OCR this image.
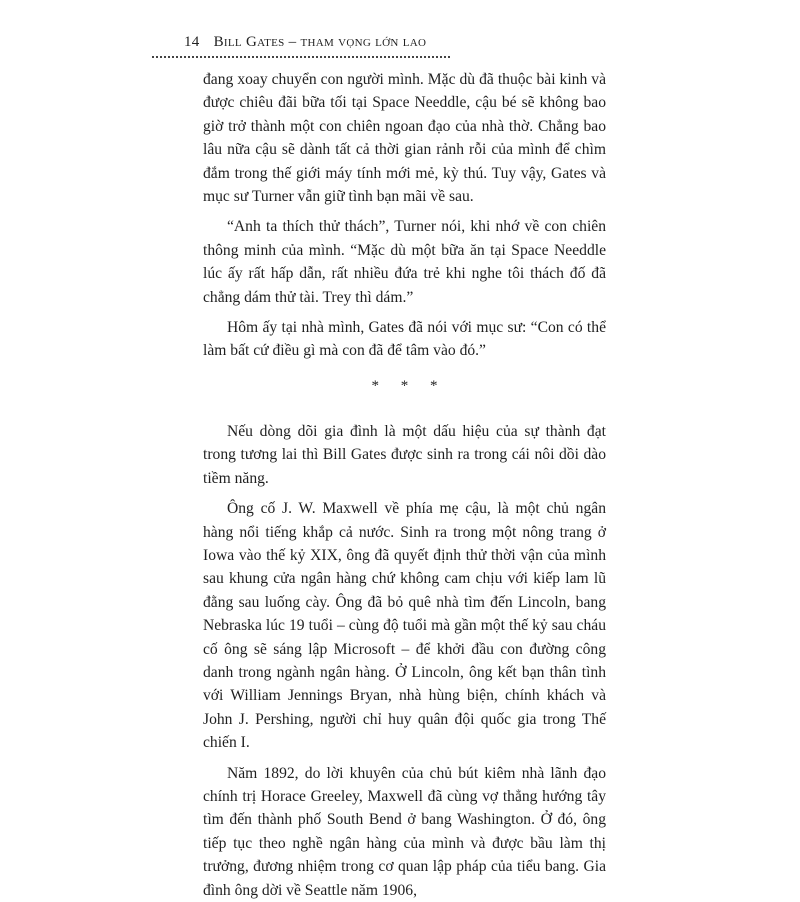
14 Bill Gates – tham vọng lớn lao

đang xoay chuyển con người mình. Mặc dù đã thuộc bài kinh và được chiêu đãi bữa tối tại Space Needdle, cậu bé sẽ không bao giờ trở thành một con chiên ngoan đạo của nhà thờ. Chẳng bao lâu nữa cậu sẽ dành tất cả thời gian rảnh rỗi của mình để chìm đắm trong thế giới máy tính mới mẻ, kỳ thú. Tuy vậy, Gates và mục sư Turner vẫn giữ tình bạn mãi về sau.

“Anh ta thích thử thách”, Turner nói, khi nhớ về con chiên thông minh của mình. “Mặc dù một bữa ăn tại Space Needdle lúc ấy rất hấp dẫn, rất nhiều đứa trẻ khi nghe tôi thách đố đã chẳng dám thử tài. Trey thì dám.”

Hôm ấy tại nhà mình, Gates đã nói với mục sư: “Con có thể làm bất cứ điều gì mà con đã để tâm vào đó.”

* * *

Nếu dòng dõi gia đình là một dấu hiệu của sự thành đạt trong tương lai thì Bill Gates được sinh ra trong cái nôi dồi dào tiềm năng.

Ông cố J. W. Maxwell về phía mẹ cậu, là một chủ ngân hàng nổi tiếng khắp cả nước. Sinh ra trong một nông trang ở Iowa vào thế kỷ XIX, ông đã quyết định thử thời vận của mình sau khung cửa ngân hàng chứ không cam chịu với kiếp lam lũ đằng sau luống cày. Ông đã bỏ quê nhà tìm đến Lincoln, bang Nebraska lúc 19 tuổi – cùng độ tuổi mà gần một thế kỷ sau cháu cố ông sẽ sáng lập Microsoft – để khởi đầu con đường công danh trong ngành ngân hàng. Ở Lincoln, ông kết bạn thân tình với William Jennings Bryan, nhà hùng biện, chính khách và John J. Pershing, người chỉ huy quân đội quốc gia trong Thế chiến I.

Năm 1892, do lời khuyên của chủ bút kiêm nhà lãnh đạo chính trị Horace Greeley, Maxwell đã cùng vợ thẳng hướng tây tìm đến thành phố South Bend ở bang Washington. Ở đó, ông tiếp tục theo nghề ngân hàng của mình và được bầu làm thị trưởng, đương nhiệm trong cơ quan lập pháp của tiểu bang. Gia đình ông dời về Seattle năm 1906,
